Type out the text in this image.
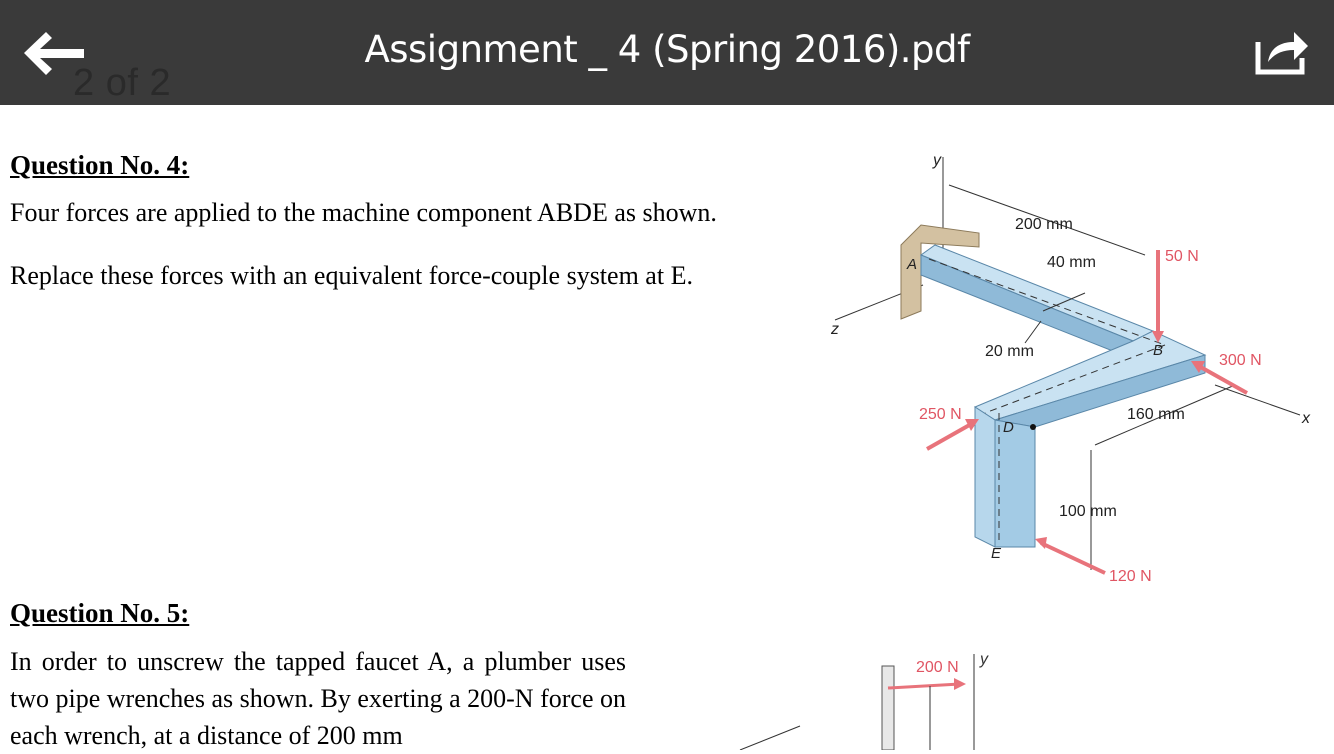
2 of 2
Assignment _ 4 (Spring 2016).pdf
Question No. 4:
Four forces are applied to the machine component ABDE as shown.
Replace these forces with an equivalent force-couple system at E.
y
z
x
A
B
D
E
200 mm
40 mm
20 mm
160 mm
100 mm
50 N
300 N
250 N
120 N
Question No. 5:

In order to unscrew the tapped faucet A, a plumber uses two pipe wrenches as shown. By exerting a 200-N force on each wrench, at a distance of 200 mm

200 N y
